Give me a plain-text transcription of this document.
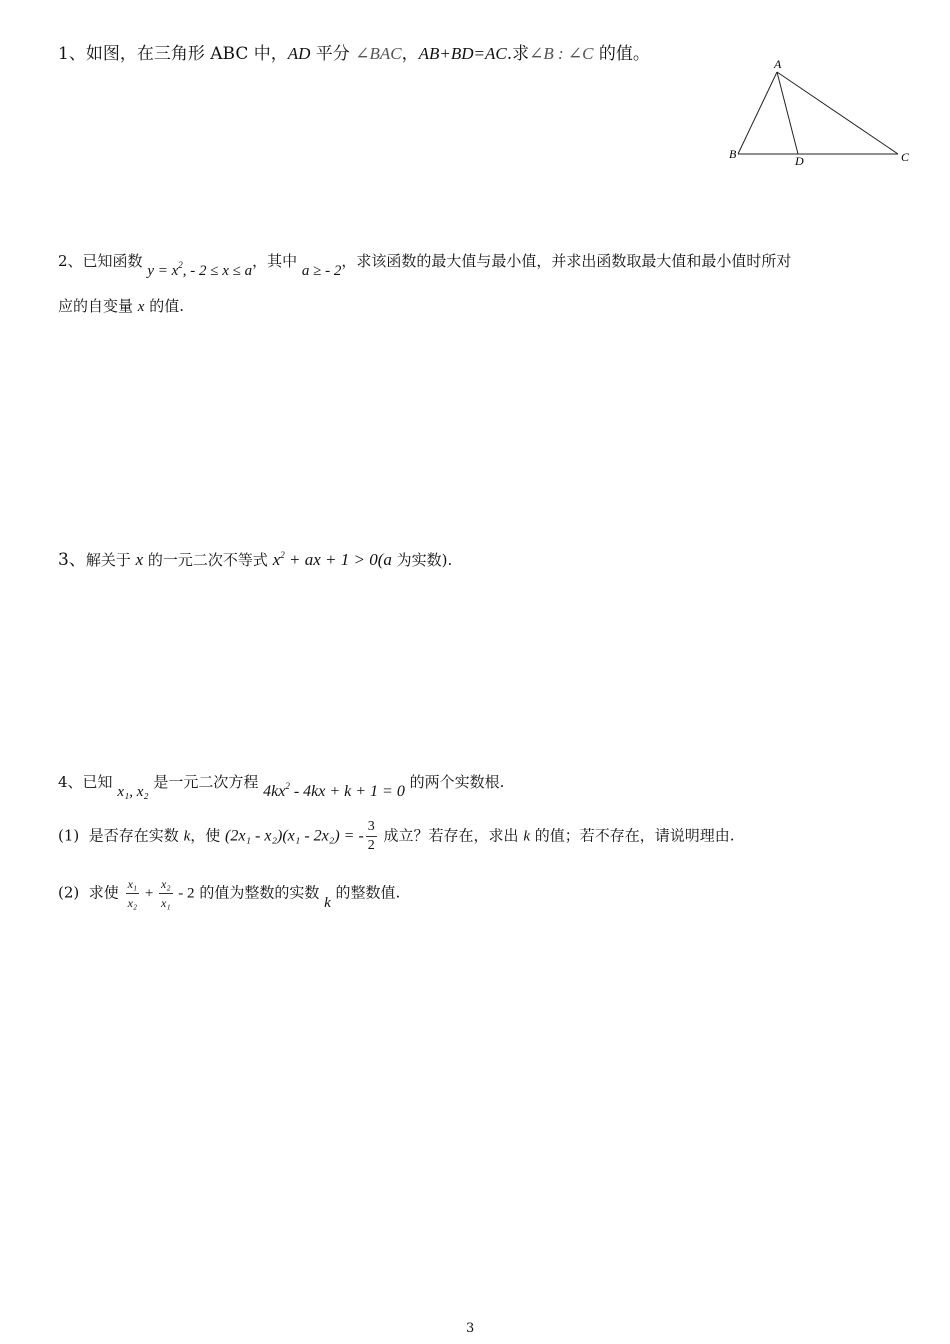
1、如图，在三角形 ABC 中，AD 平分 ∠BAC，AB+BD=AC.求∠B : ∠C 的值。	A
B	D	C
2、已知函数 $y = x^2$, - 2 ≤ x ≤ a，其中 a ≥ - 2，求该函数的最大值与最小值，并求出函数取最大值和最小值时所对
应的自变量 x 的值.
3、解关于 x 的一元二次不等式 $x^2$ + ax + 1 > 0(a 为实数).
4、已知 x₁, x₂ 是一元二次方程 $4kx^2 - 4kx + k + 1 = 0$ 的两个实数根.
(1) 是否存在实数 k，使 (2x₁ - x₂)(x₁ - 2x₂) = - $\frac{3}{2}$ 成立？若存在，求出 k 的值；若不存在，请说明理由.
(2) 求使 $\frac{\text{x₁}}{\text{x₂}} + \frac{\text{x₂}}{\text{x₁}} - 2$ 的值为整数的实数 k 的整数值.
3
